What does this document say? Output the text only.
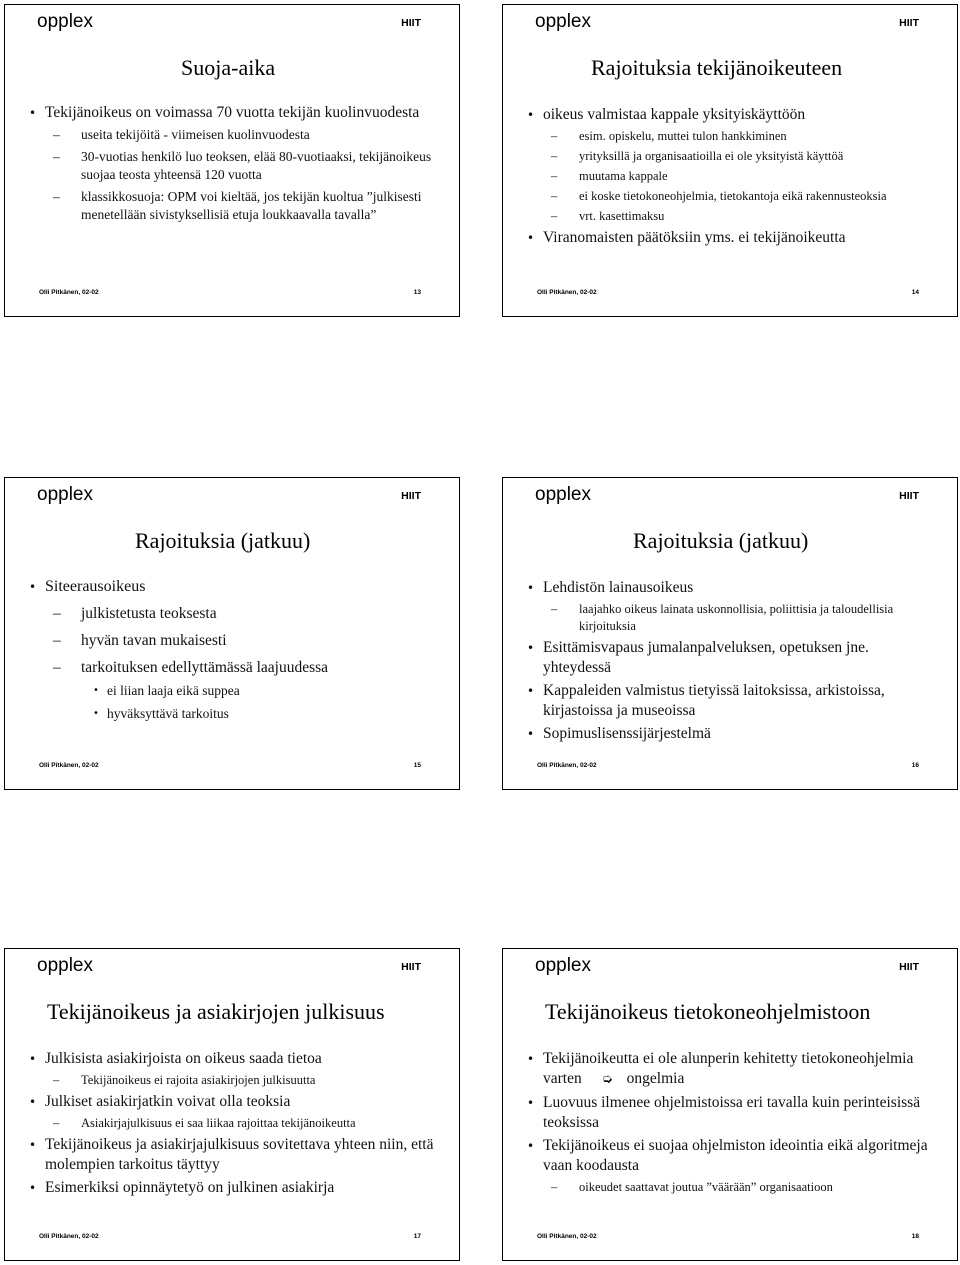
opplex	HIIT
Suoja-aika
• Tekijänoikeus on voimassa 70 vuotta tekijän kuolinvuodesta
– useita tekijöitä - viimeisen kuolinvuodesta
– 30-vuotias henkilö luo teoksen, elää 80-vuotiaaksi, tekijänoikeus suojaa teosta yhteensä 120 vuotta
– klassikkosuoja: OPM voi kieltää, jos tekijän kuoltua ”julkisesti menetellään sivistyksellisiä etuja loukkaavalla tavalla”
Olli Pitkänen, 02-02	13
opplex	HIIT
Rajoituksia tekijänoikeuteen
• oikeus valmistaa kappale yksityiskäyttöön
– esim. opiskelu, muttei tulon hankkiminen
– yrityksillä ja organisaatioilla ei ole yksityistä käyttöä
– muutama kappale
– ei koske tietokoneohjelmia, tietokantoja eikä rakennusteoksia
– vrt. kasettimaksu
• Viranomaisten päätöksiin yms. ei tekijänoikeutta
Olli Pitkänen, 02-02	14
opplex	HIIT
Rajoituksia (jatkuu)
• Siteerausoikeus
– julkistetusta teoksesta
– hyvän tavan mukaisesti
– tarkoituksen edellyttämässä laajuudessa
• ei liian laaja eikä suppea
• hyväksyttävä tarkoitus
Olli Pitkänen, 02-02	15
opplex	HIIT
Rajoituksia (jatkuu)
• Lehdistön lainausoikeus
– laajahko oikeus lainata uskonnollisia, poliittisia ja taloudellisia kirjoituksia
• Esittämisvapaus jumalanpalveluksen, opetuksen jne. yhteydessä
• Kappaleiden valmistus tietyissä laitoksissa, arkistoissa, kirjastoissa ja museoissa
• Sopimuslisenssijärjestelmä
Olli Pitkänen, 02-02	16
opplex	HIIT
Tekijänoikeus ja asiakirjojen julkisuus
• Julkisista asiakirjoista on oikeus saada tietoa
– Tekijänoikeus ei rajoita asiakirjojen julkisuutta
• Julkiset asiakirjatkin voivat olla teoksia
– Asiakirjajulkisuus ei saa liikaa rajoittaa tekijänoikeutta
• Tekijänoikeus ja asiakirjajulkisuus sovitettava yhteen niin, että molempien tarkoitus täyttyy
• Esimerkiksi opinnäytetyö on julkinen asiakirja
Olli Pitkänen, 02-02	17
opplex	HIIT
Tekijänoikeus tietokoneohjelmistoon
• Tekijänoikeutta ei ole alunperin kehitetty tietokoneohjelmia varten ➭ ongelmia
• Luovuus ilmenee ohjelmistoissa eri tavalla kuin perinteisissä teoksissa
• Tekijänoikeus ei suojaa ohjelmiston ideointia eikä algoritmeja vaan koodausta
– oikeudet saattavat joutua ”väärään” organisaatioon
Olli Pitkänen, 02-02	18
